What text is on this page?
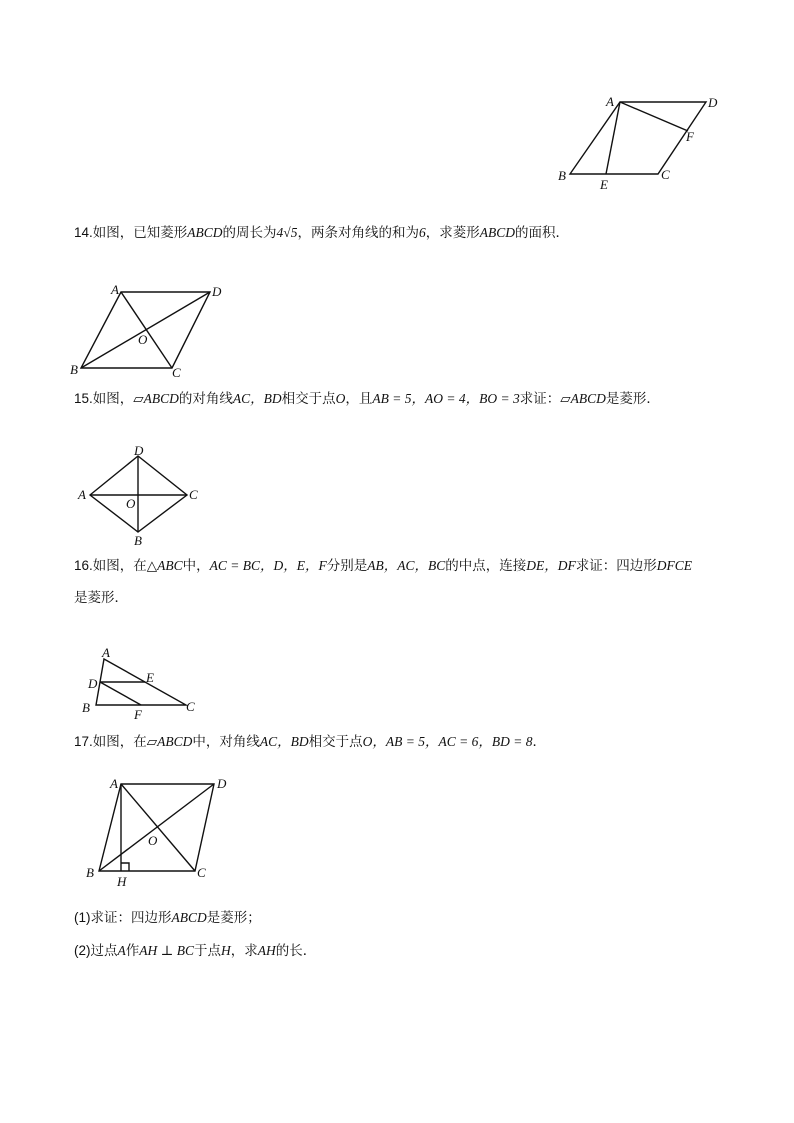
A	D
F
B
E
C
14.如图，已知菱形ABCD的周长为4√5，两条对角线的和为6，求菱形ABCD的面积．
A	D
O
B	C
15.如图，▱ABCD的对角线AC，BD相交于点O，且AB = 5，AO = 4，BO = 3求证：▱ABCD是菱形．
D
A	C
O
B
16.如图，在△ABC中，AC = BC，D，E，F分别是AB，AC，BC的中点，连接DE，DF求证：四边形DFCE
是菱形．
A
E
D
B	F
C
17.如图，在▱ABCD中，对角线AC，BD相交于点O，AB = 5，AC = 6，BD = 8．
A	D
O
B
H
C
(1)求证：四边形ABCD是菱形；
(2)过点A作AH ⊥ BC于点H，求AH的长．
